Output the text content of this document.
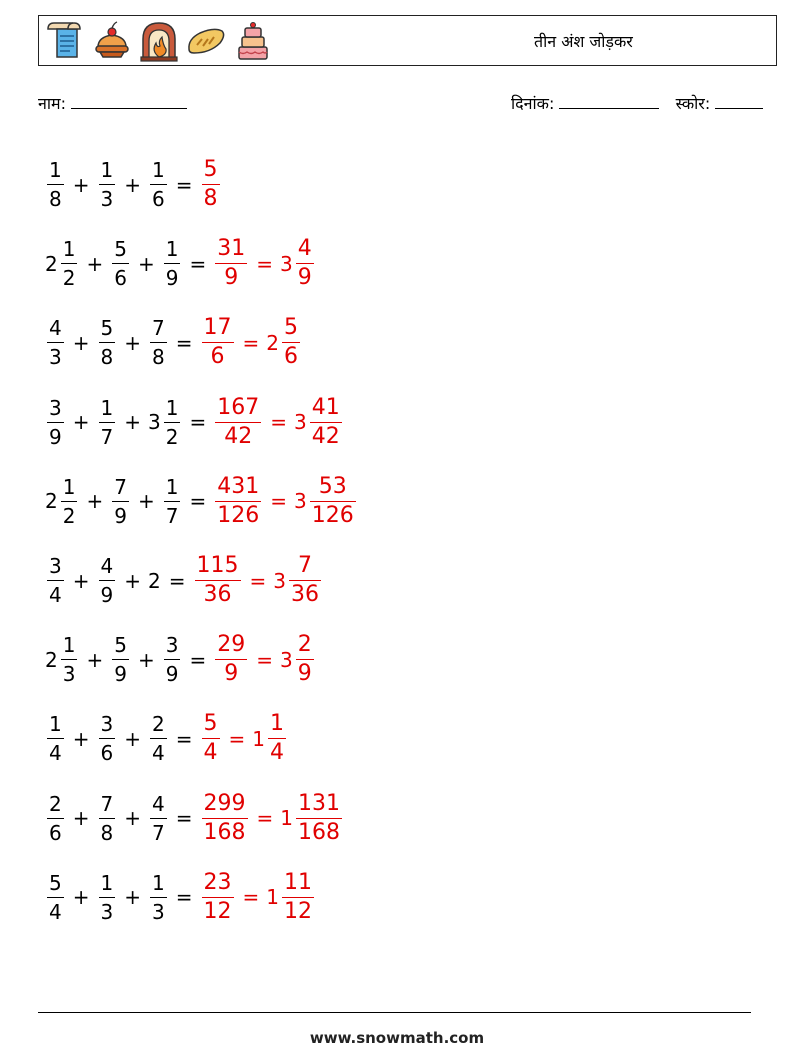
तीन अंश जोड़कर
नाम:	दिनांक:	स्कोर:
$\frac{1}{8} + \frac{1}{3} + \frac{1}{6} = \frac{5}{8}$
$2 \frac{1}{2} + \frac{5}{6} + \frac{1}{9} = \frac{31}{9} = 3 \frac{4}{9}$
$\frac{4}{3} + \frac{5}{8} + \frac{7}{8} = \frac{17}{6} = 2 \frac{5}{6}$
$\frac{3}{9} + \frac{1}{7} + 3 \frac{1}{2} = \frac{167}{42} = 3 \frac{41}{42}$
$2 \frac{1}{2} + \frac{7}{9} + \frac{1}{7} = \frac{431}{126} = 3 \frac{53}{126}$
$\frac{3}{4} + \frac{4}{9} + 2 = \frac{115}{36} = 3 \frac{7}{36}$
$2 \frac{1}{3} + \frac{5}{9} + \frac{3}{9} = \frac{29}{9} = 3 \frac{2}{9}$
$\frac{1}{4} + \frac{3}{6} + \frac{2}{4} = \frac{5}{4} = 1 \frac{1}{4}$
$\frac{2}{6} + \frac{7}{8} + \frac{4}{7} = \frac{299}{168} = 1 \frac{131}{168}$
$\frac{5}{4} + \frac{1}{3} + \frac{1}{3} = \frac{23}{12} = 1 \frac{11}{12}$
www.snowmath.com
